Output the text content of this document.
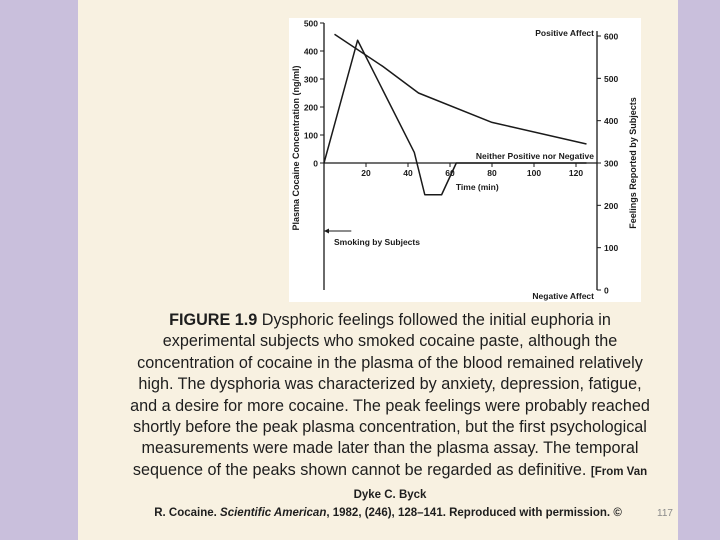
0
100
200
300
400
500
0
100
200
300
400
500
600
20	40	60	80	100	120
Time (min)
Plasma Cocaine Concentration (ng/ml)	Feelings Reported by Subjects
Positive Affect
Negative Affect
Neither Positive nor Negative
Smoking by Subjects
FIGURE 1.9 Dysphoric feelings followed the initial euphoria in experimental subjects who smoked cocaine paste, although the concentration of cocaine in the plasma of the blood remained relatively high. The dysphoria was characterized by anxiety, depression, fatigue, and a desire for more cocaine. The peak feelings were probably reached shortly before the peak plasma concentration, but the first psychological measurements were made later than the plasma assay. The temporal sequence of the peaks shown cannot be regarded as definitive. [From Van Dyke C. Byck
R. Cocaine. Scientific American, 1982, (246), 128–141. Reproduced with permission. ©	117
